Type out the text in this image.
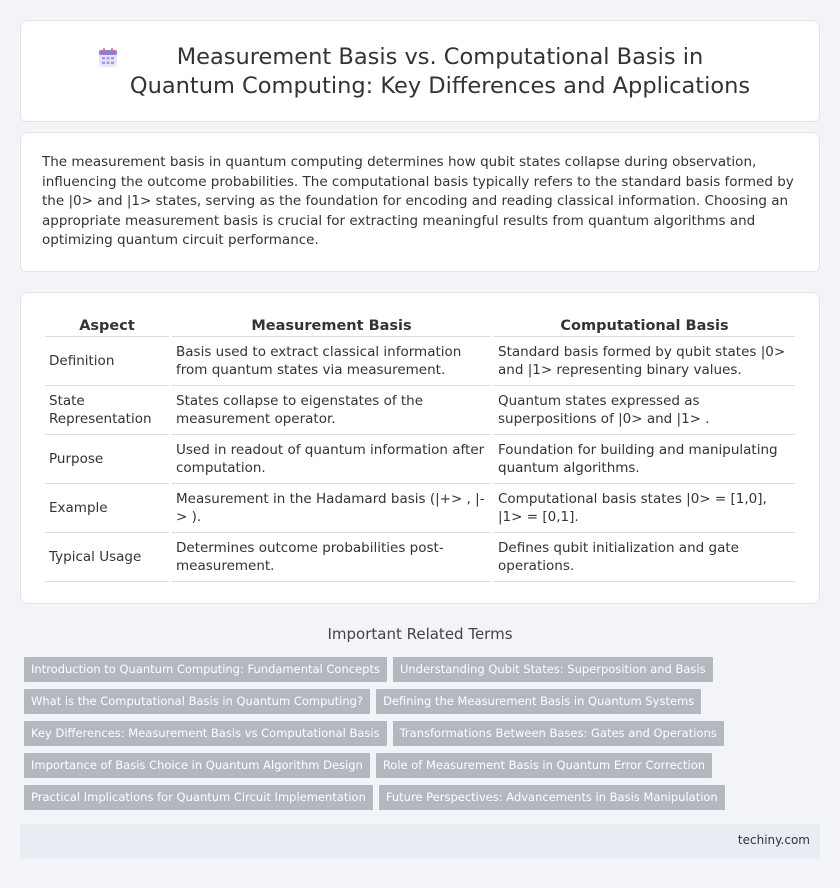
Measurement Basis vs. Computational Basis in Quantum Computing: Key Differences and Applications

The measurement basis in quantum computing determines how qubit states collapse during observation, influencing the outcome probabilities. The computational basis typically refers to the standard basis formed by the |0> and |1> states, serving as the foundation for encoding and reading classical information. Choosing an appropriate measurement basis is crucial for extracting meaningful results from quantum algorithms and optimizing quantum circuit performance.

Aspect	Measurement Basis	Computational Basis
Definition	Basis used to extract classical information from quantum states via measurement.	Standard basis formed by qubit states |0> and |1> representing binary values.
State Representation	States collapse to eigenstates of the measurement operator.	Quantum states expressed as superpositions of |0> and |1> .
Purpose	Used in readout of quantum information after computation.	Foundation for building and manipulating quantum algorithms.
Example	Measurement in the Hadamard basis (|+> , |-> ).	Computational basis states |0> = [1,0], |1> = [0,1].
Typical Usage	Determines outcome probabilities post-measurement.	Defines qubit initialization and gate operations.
Important Related Terms
Introduction to Quantum Computing: Fundamental Concepts Understanding Qubit States: Superposition and Basis
What is the Computational Basis in Quantum Computing? Defining the Measurement Basis in Quantum Systems
Key Differences: Measurement Basis vs Computational Basis Transformations Between Bases: Gates and Operations
Importance of Basis Choice in Quantum Algorithm Design Role of Measurement Basis in Quantum Error Correction
Practical Implications for Quantum Circuit Implementation Future Perspectives: Advancements in Basis Manipulation
techiny.com
